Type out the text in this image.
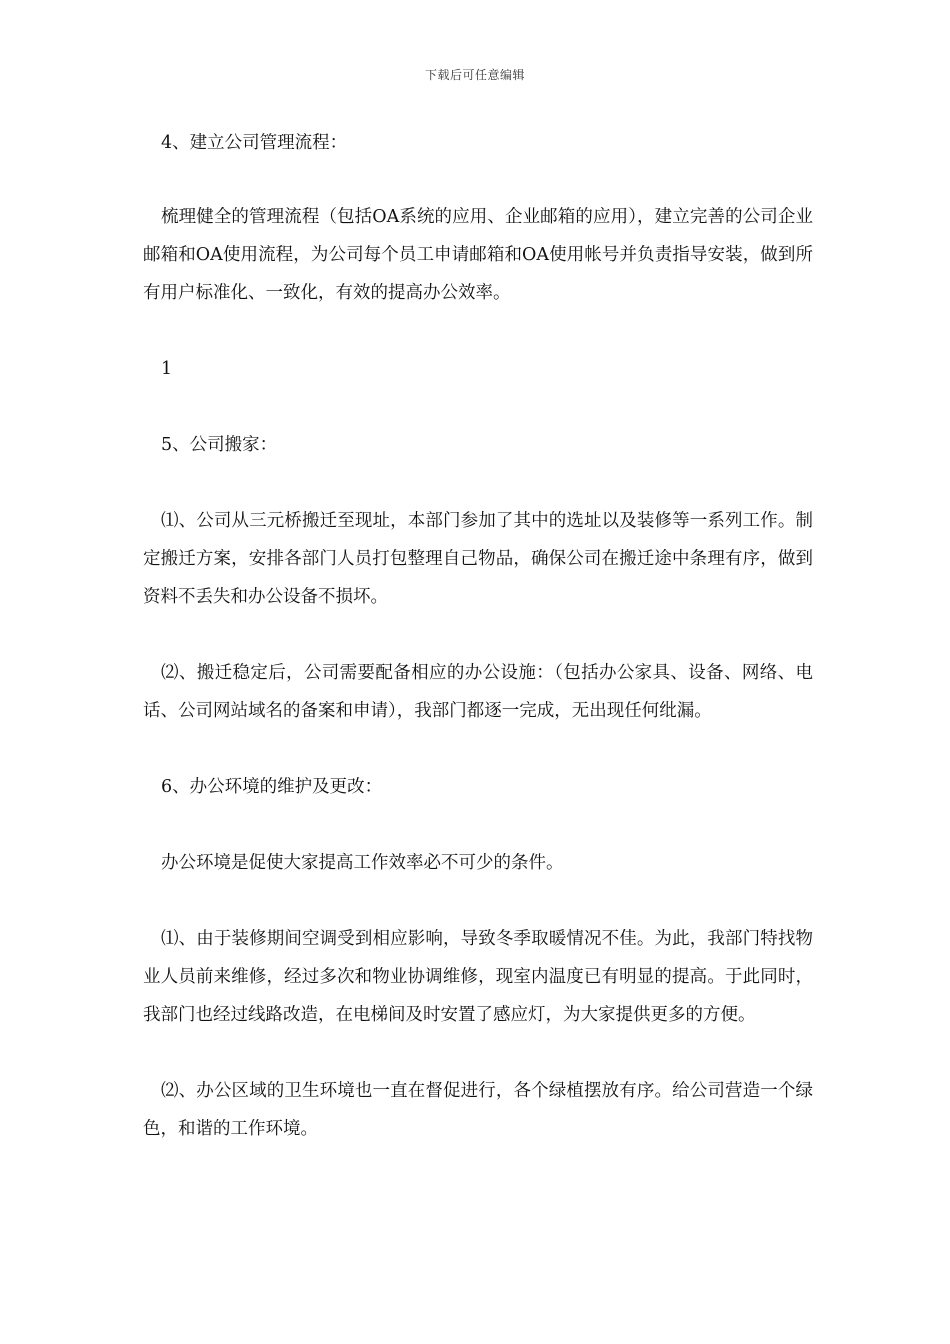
下载后可任意编辑

4、建立公司管理流程：

梳理健全的管理流程（包括OA系统的应用、企业邮箱的应用），建立完善的公司企业邮箱和OA使用流程，为公司每个员工申请邮箱和OA使用帐号并负责指导安装，做到所有用户标准化、一致化，有效的提高办公效率。

1

5、公司搬家：

⑴、公司从三元桥搬迁至现址，本部门参加了其中的选址以及装修等一系列工作。制定搬迁方案，安排各部门人员打包整理自己物品，确保公司在搬迁途中条理有序，做到资料不丢失和办公设备不损坏。

⑵、搬迁稳定后，公司需要配备相应的办公设施：（包括办公家具、设备、网络、电话、公司网站域名的备案和申请），我部门都逐一完成，无出现任何纰漏。

6、办公环境的维护及更改：

办公环境是促使大家提高工作效率必不可少的条件。

⑴、由于装修期间空调受到相应影响，导致冬季取暖情况不佳。为此，我部门特找物业人员前来维修，经过多次和物业协调维修，现室内温度已有明显的提高。于此同时，我部门也经过线路改造，在电梯间及时安置了感应灯，为大家提供更多的方便。

⑵、办公区域的卫生环境也一直在督促进行，各个绿植摆放有序。给公司营造一个绿色，和谐的工作环境。
